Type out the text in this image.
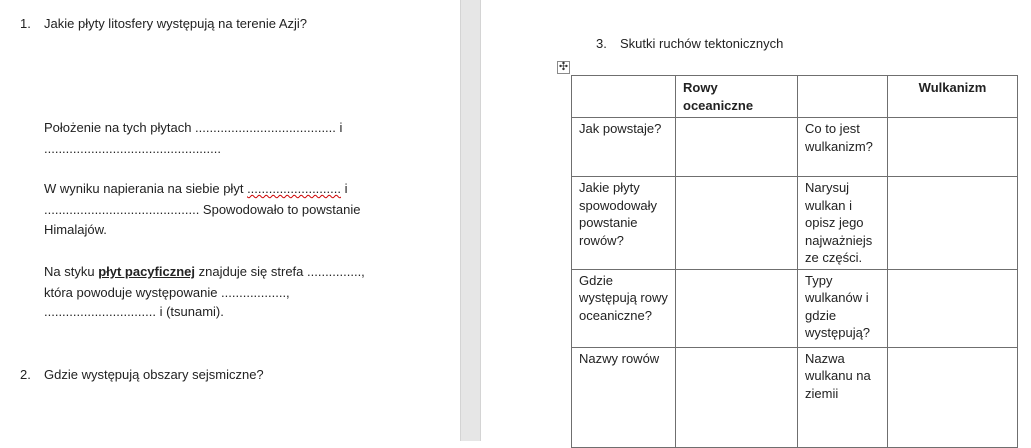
1. Jakie płyty litosfery występują na terenie Azji?
Położenie na tych płytach ....................................... i
.................................................
W wyniku napierania na siebie płyt .......................... i
........................................... Spowodowało to powstanie
Himalajów.
Na styku płyt pacyficznej znajduje się strefa ...............,
która powoduje występowanie ..................,
............................... i (tsunami).
2. Gdzie występują obszary sejsmiczne?
3. Skutki ruchów tektonicznych
✣
	Rowy oceaniczne		Wulkanizm
Jak powstaje?		Co to jest wulkanizm?	
Jakie płyty spowodowały powstanie rowów?		Narysuj wulkan i opisz jego najważniejs ze części.	
Gdzie występują rowy oceaniczne?		Typy wulkanów i gdzie występują?	
Nazwy rowów		Nazwa wulkanu na ziemii	
